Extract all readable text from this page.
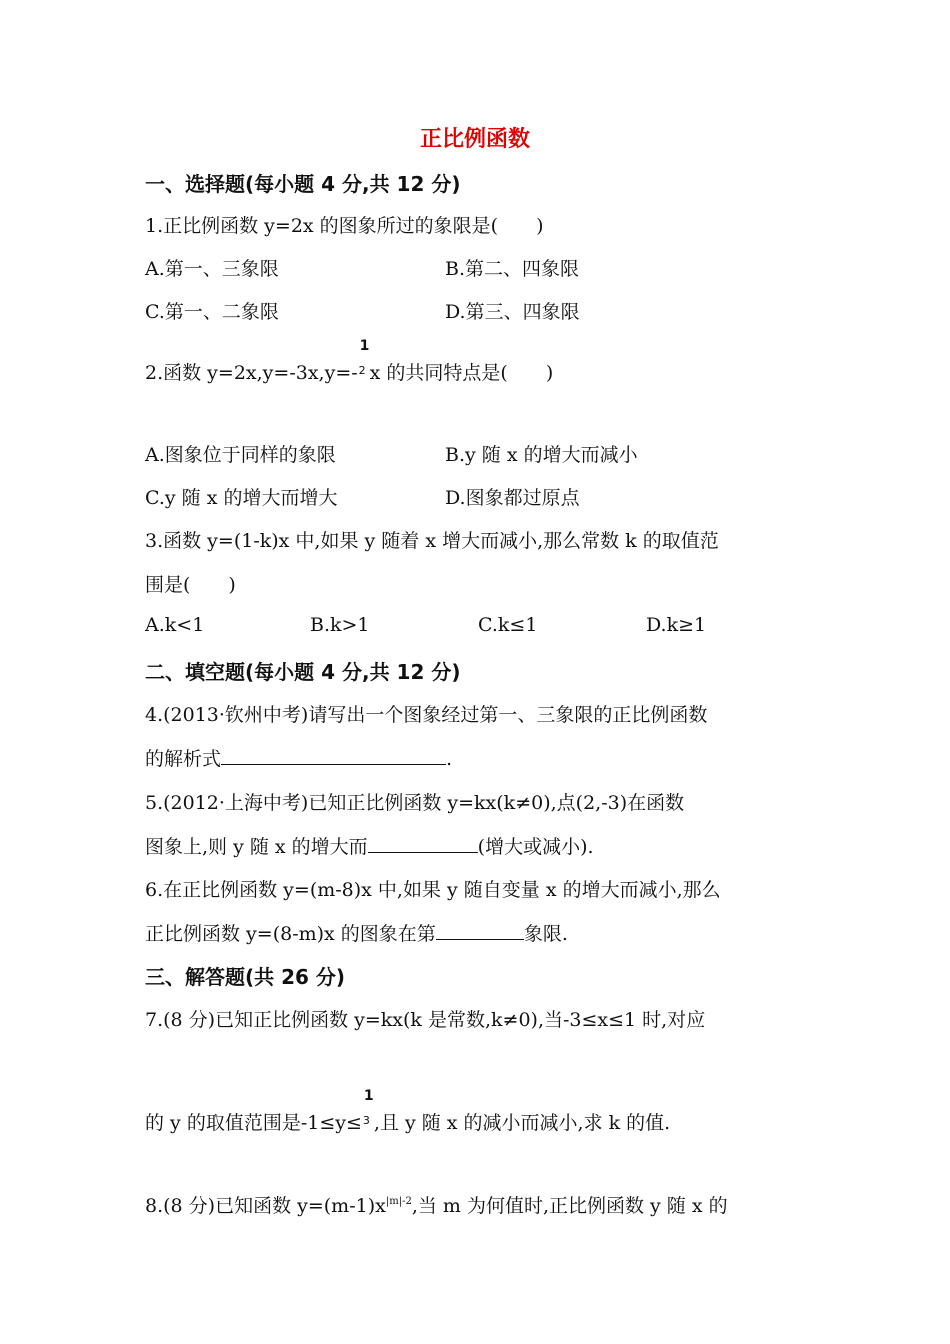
正比例函数
一、选择题(每小题 4 分,共 12 分)
1.正比例函数 y=2x 的图象所过的象限是(　　)
A.第一、三象限	B.第二、四象限
C.第一、二象限	D.第三、四象限
2.函数 y=2x,y=-3x,y=-
1
2 x 的共同特点是(　　)
A.图象位于同样的象限	B.y 随 x 的增大而减小
C.y 随 x 的增大而增大	D.图象都过原点
3.函数 y=(1-k)x 中,如果 y 随着 x 增大而减小,那么常数 k 的取值范
围是(　　)
A.k<1	B.k>1	C.k≤1	D.k≥1
二、填空题(每小题 4 分,共 12 分)
4.(2013·钦州中考)请写出一个图象经过第一、三象限的正比例函数
的解析式	.
5.(2012·上海中考)已知正比例函数 y=kx(k≠0),点(2,-3)在函数
图象上,则 y 随 x 的增大而	(增大或减小).
6.在正比例函数 y=(m-8)x 中,如果 y 随自变量 x 的增大而减小,那么
正比例函数 y=(8-m)x 的图象在第	象限.
三、解答题(共 26 分)
7.(8 分)已知正比例函数 y=kx(k 是常数,k≠0),当-3≤x≤1 时,对应
的 y 的取值范围是-1≤y≤
1
3 ,且 y 随 x 的减小而减小,求 k 的值.
8.(8 分)已知函数 $y=(m-1)x^{|m|-2}$,当 m 为何值时,正比例函数 y 随 x 的
